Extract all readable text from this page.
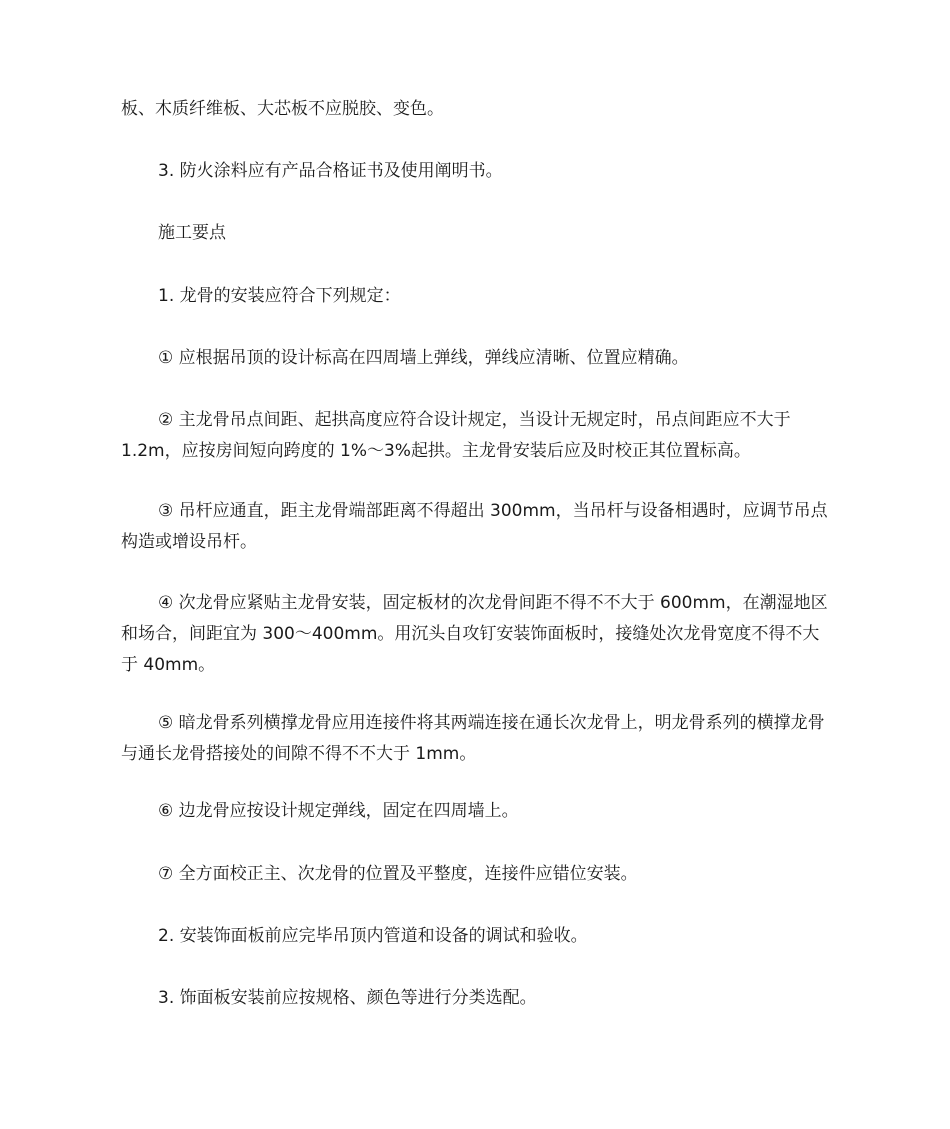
板、木质纤维板、大芯板不应脱胶、变色。

3. 防火涂料应有产品合格证书及使用阐明书。

施工要点

1. 龙骨的安装应符合下列规定：

① 应根据吊顶的设计标高在四周墙上弹线，弹线应清晰、位置应精确。

② 主龙骨吊点间距、起拱高度应符合设计规定，当设计无规定时，吊点间距应不大于 1.2m，应按房间短向跨度的 1%～3%起拱。主龙骨安装后应及时校正其位置标高。

③ 吊杆应通直，距主龙骨端部距离不得超出 300mm，当吊杆与设备相遇时，应调节吊点构造或增设吊杆。

④ 次龙骨应紧贴主龙骨安装，固定板材的次龙骨间距不得不不大于 600mm，在潮湿地区和场合，间距宜为 300～400mm。用沉头自攻钉安装饰面板时，接缝处次龙骨宽度不得不大于 40mm。

⑤ 暗龙骨系列横撑龙骨应用连接件将其两端连接在通长次龙骨上，明龙骨系列的横撑龙骨与通长龙骨搭接处的间隙不得不不大于 1mm。

⑥ 边龙骨应按设计规定弹线，固定在四周墙上。

⑦ 全方面校正主、次龙骨的位置及平整度，连接件应错位安装。

2. 安装饰面板前应完毕吊顶内管道和设备的调试和验收。

3. 饰面板安装前应按规格、颜色等进行分类选配。
